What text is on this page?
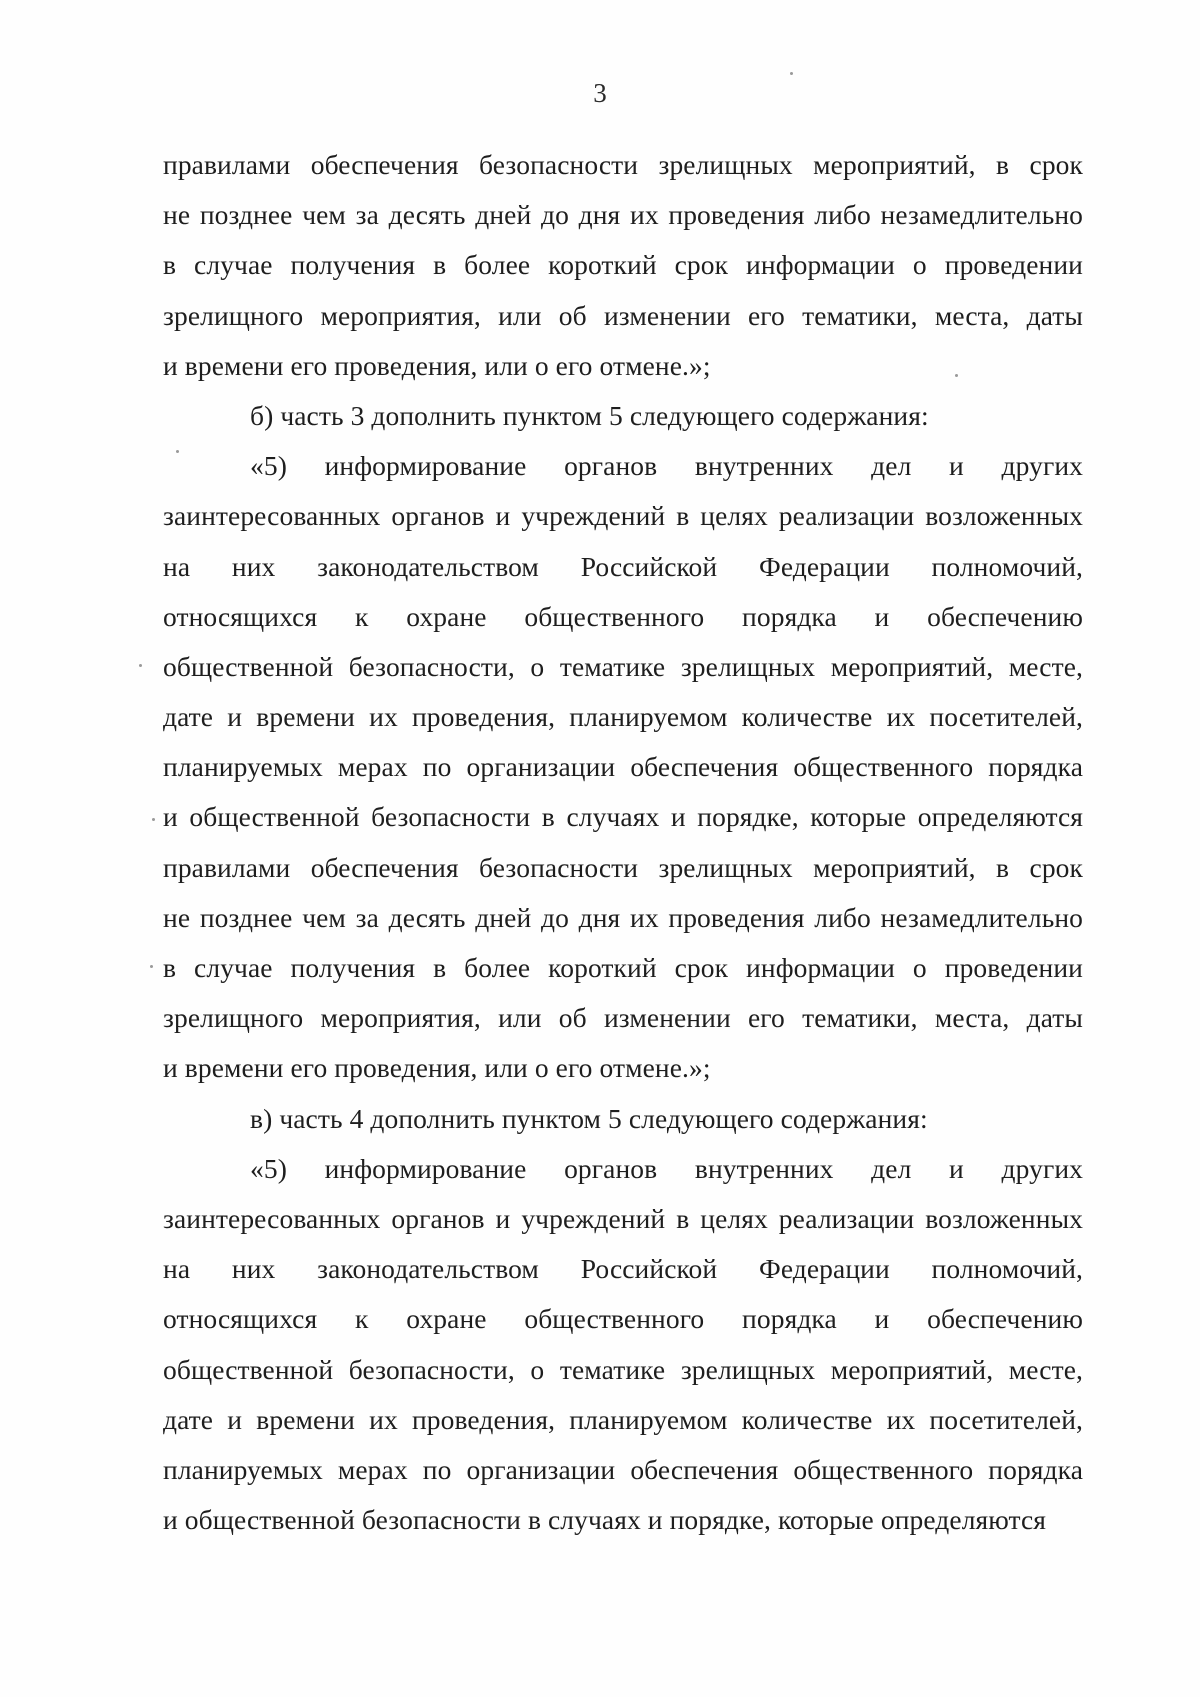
3
правилами обеспечения безопасности зрелищных мероприятий, в срок
не позднее чем за десять дней до дня их проведения либо незамедлительно
в случае получения в более короткий срок информации о проведении
зрелищного мероприятия, или об изменении его тематики, места, даты
и времени его проведения, или о его отмене.»;
б) часть 3 дополнить пунктом 5 следующего содержания:
«5) информирование органов внутренних дел и других
заинтересованных органов и учреждений в целях реализации возложенных
на них законодательством Российской Федерации полномочий,
относящихся к охране общественного порядка и обеспечению
общественной безопасности, о тематике зрелищных мероприятий, месте,
дате и времени их проведения, планируемом количестве их посетителей,
планируемых мерах по организации обеспечения общественного порядка
и общественной безопасности в случаях и порядке, которые определяются
правилами обеспечения безопасности зрелищных мероприятий, в срок
не позднее чем за десять дней до дня их проведения либо незамедлительно
в случае получения в более короткий срок информации о проведении
зрелищного мероприятия, или об изменении его тематики, места, даты
и времени его проведения, или о его отмене.»;
в) часть 4 дополнить пунктом 5 следующего содержания:
«5) информирование органов внутренних дел и других
заинтересованных органов и учреждений в целях реализации возложенных
на них законодательством Российской Федерации полномочий,
относящихся к охране общественного порядка и обеспечению
общественной безопасности, о тематике зрелищных мероприятий, месте,
дате и времени их проведения, планируемом количестве их посетителей,
планируемых мерах по организации обеспечения общественного порядка
и общественной безопасности в случаях и порядке, которые определяются
